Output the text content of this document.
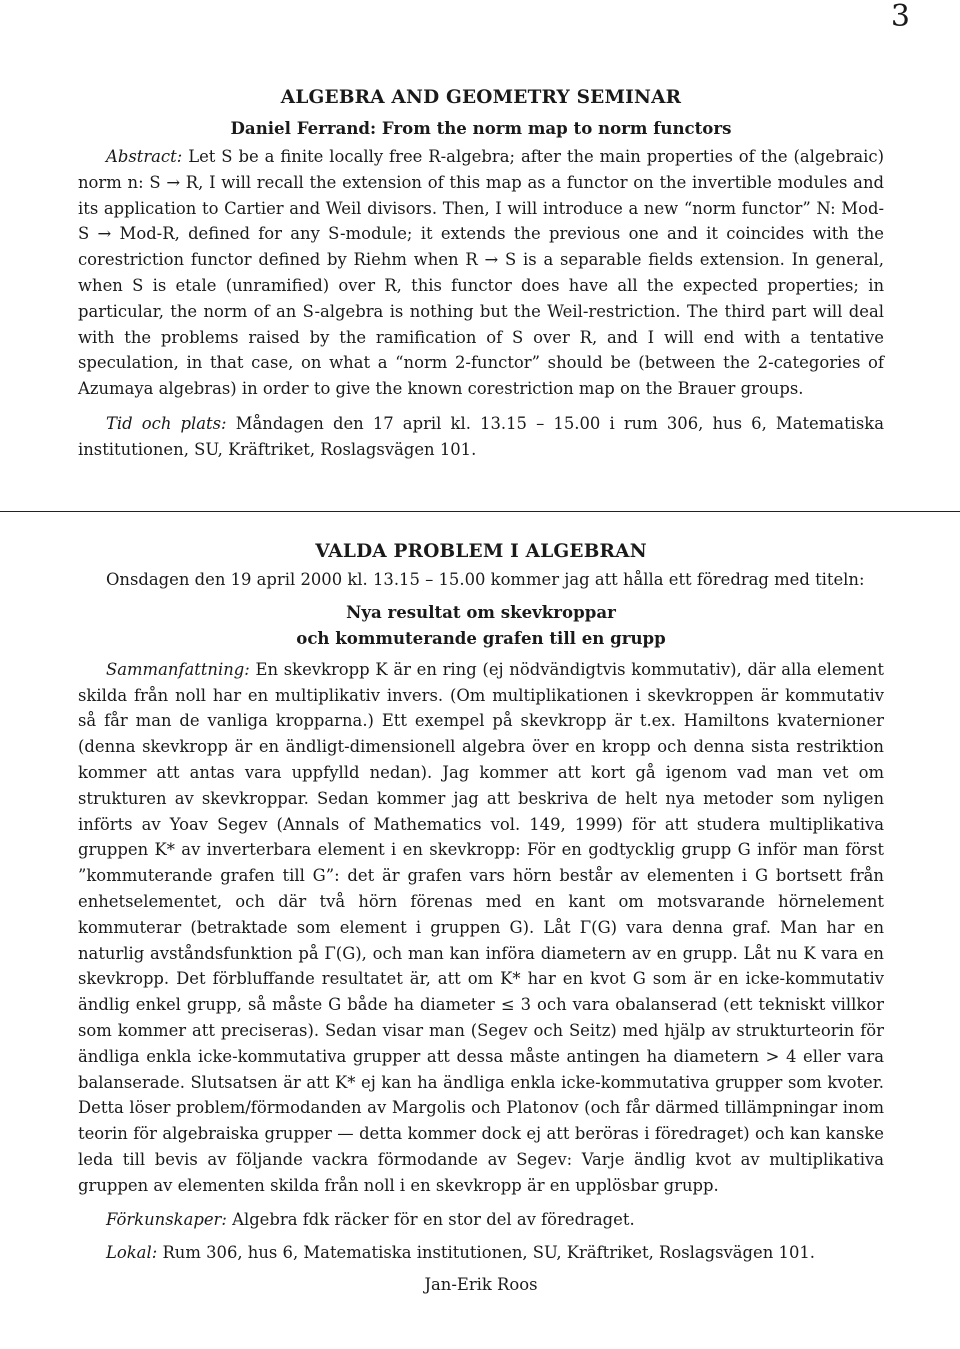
3
ALGEBRA AND GEOMETRY SEMINAR
Daniel Ferrand: From the norm map to norm functors

Abstract: Let S be a finite locally free R-algebra; after the main properties of the (algebraic) norm n: S → R, I will recall the extension of this map as a functor on the invertible modules and its application to Cartier and Weil divisors. Then, I will introduce a new “norm functor” N: Mod-S → Mod-R, defined for any S-module; it extends the previous one and it coincides with the corestriction functor defined by Riehm when R → S is a separable fields extension. In general, when S is etale (unramified) over R, this functor does have all the expected properties; in particular, the norm of an S-algebra is nothing but the Weil-restriction. The third part will deal with the problems raised by the ramification of S over R, and I will end with a tentative speculation, in that case, on what a “norm 2-functor” should be (between the 2-categories of Azumaya algebras) in order to give the known corestriction map on the Brauer groups.

Tid och plats: Måndagen den 17 april kl. 13.15 – 15.00 i rum 306, hus 6, Matematiska institutionen, SU, Kräftriket, Roslagsvägen 101.

VALDA PROBLEM I ALGEBRAN

Onsdagen den 19 april 2000 kl. 13.15 – 15.00 kommer jag att hålla ett föredrag med titeln:

Nya resultat om skevkroppar
och kommuterande grafen till en grupp

Sammanfattning: En skevkropp K är en ring (ej nödvändigtvis kommutativ), där alla element skilda från noll har en multiplikativ invers. (Om multiplikationen i skevkroppen är kommutativ så får man de vanliga kropparna.) Ett exempel på skevkropp är t.ex. Hamiltons kvaternioner (denna skevkropp är en ändligt-dimensionell algebra över en kropp och denna sista restriktion kommer att antas vara uppfylld nedan). Jag kommer att kort gå igenom vad man vet om strukturen av skevkroppar. Sedan kommer jag att beskriva de helt nya metoder som nyligen införts av Yoav Segev (Annals of Mathematics vol. 149, 1999) för att studera multiplikativa gruppen K* av inverterbara element i en skevkropp: För en godtycklig grupp G inför man först ”kommuterande grafen till G”: det är grafen vars hörn består av elementen i G bortsett från enhetselementet, och där två hörn förenas med en kant om motsvarande hörnelement kommuterar (betraktade som element i gruppen G). Låt Γ(G) vara denna graf. Man har en naturlig avståndsfunktion på Γ(G), och man kan införa diametern av en grupp. Låt nu K vara en skevkropp. Det förbluffande resultatet är, att om K* har en kvot G som är en icke-kommutativ ändlig enkel grupp, så måste G både ha diameter ≤ 3 och vara obalanserad (ett tekniskt villkor som kommer att preciseras). Sedan visar man (Segev och Seitz) med hjälp av strukturteorin för ändliga enkla icke-kommutativa grupper att dessa måste antingen ha diametern > 4 eller vara balanserade. Slutsatsen är att K* ej kan ha ändliga enkla icke-kommutativa grupper som kvoter. Detta löser problem/förmodanden av Margolis och Platonov (och får därmed tillämpningar inom teorin för algebraiska grupper — detta kommer dock ej att beröras i föredraget) och kan kanske leda till bevis av följande vackra förmodande av Segev: Varje ändlig kvot av multiplikativa gruppen av elementen skilda från noll i en skevkropp är en upplösbar grupp.

Förkunskaper: Algebra fdk räcker för en stor del av föredraget.

Lokal: Rum 306, hus 6, Matematiska institutionen, SU, Kräftriket, Roslagsvägen 101.

Jan-Erik Roos
